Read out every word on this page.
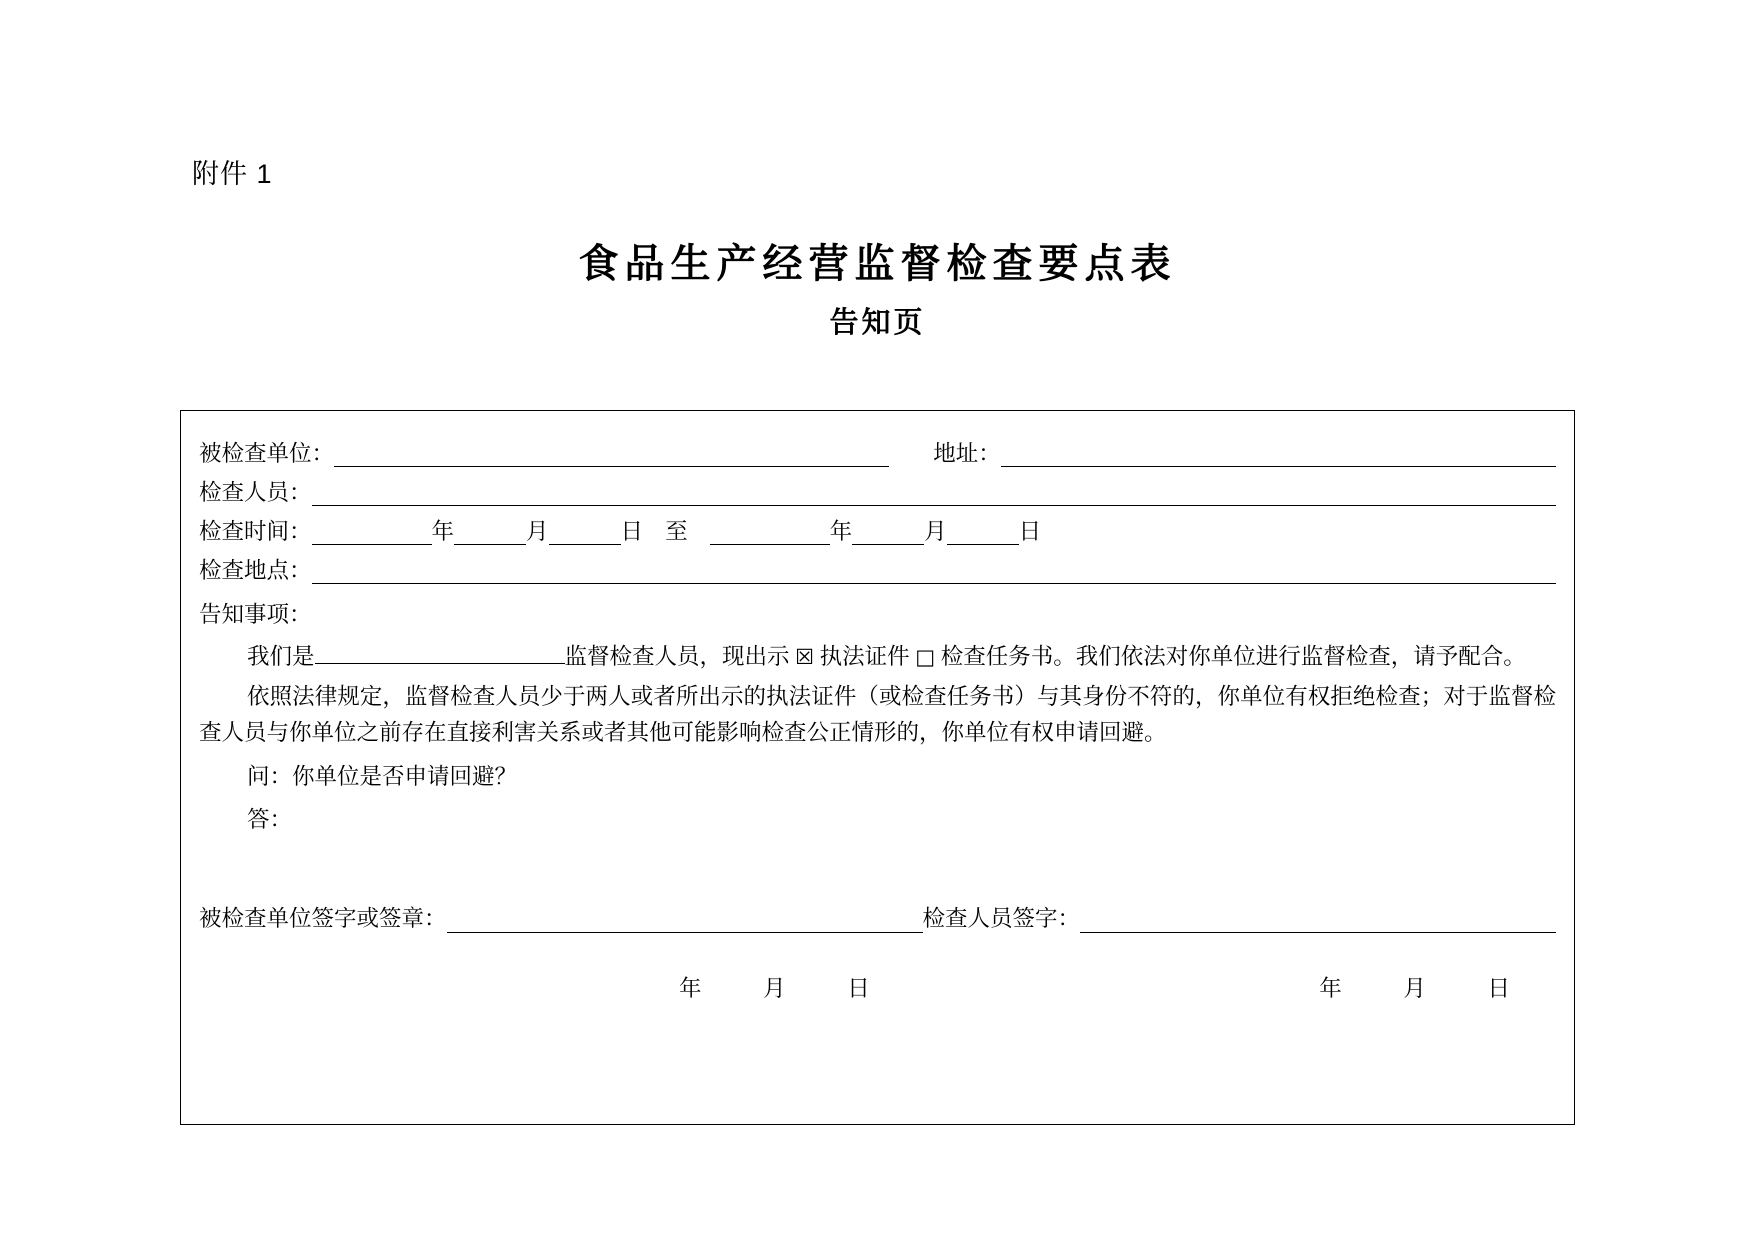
附件 1
食品生产经营监督检查要点表
告知页
被检查单位：	地址：
检查人员：
检查时间：	年	月	日 至	年	月	日
检查地点：
告知事项：

我们是	监督检查人员，现出示 ☒ 执法证件 □ 检查任务书。我们依法对你单位进行监督检查，请予配合。

依照法律规定，监督检查人员少于两人或者所出示的执法证件（或检查任务书）与其身份不符的，你单位有权拒绝检查；对于监督检查人员与你单位之前存在直接利害关系或者其他可能影响检查公正情形的，你单位有权申请回避。

问：你单位是否申请回避？
答：
被检查单位签字或签章：	检查人员签字：
年 月 日	年 月 日
